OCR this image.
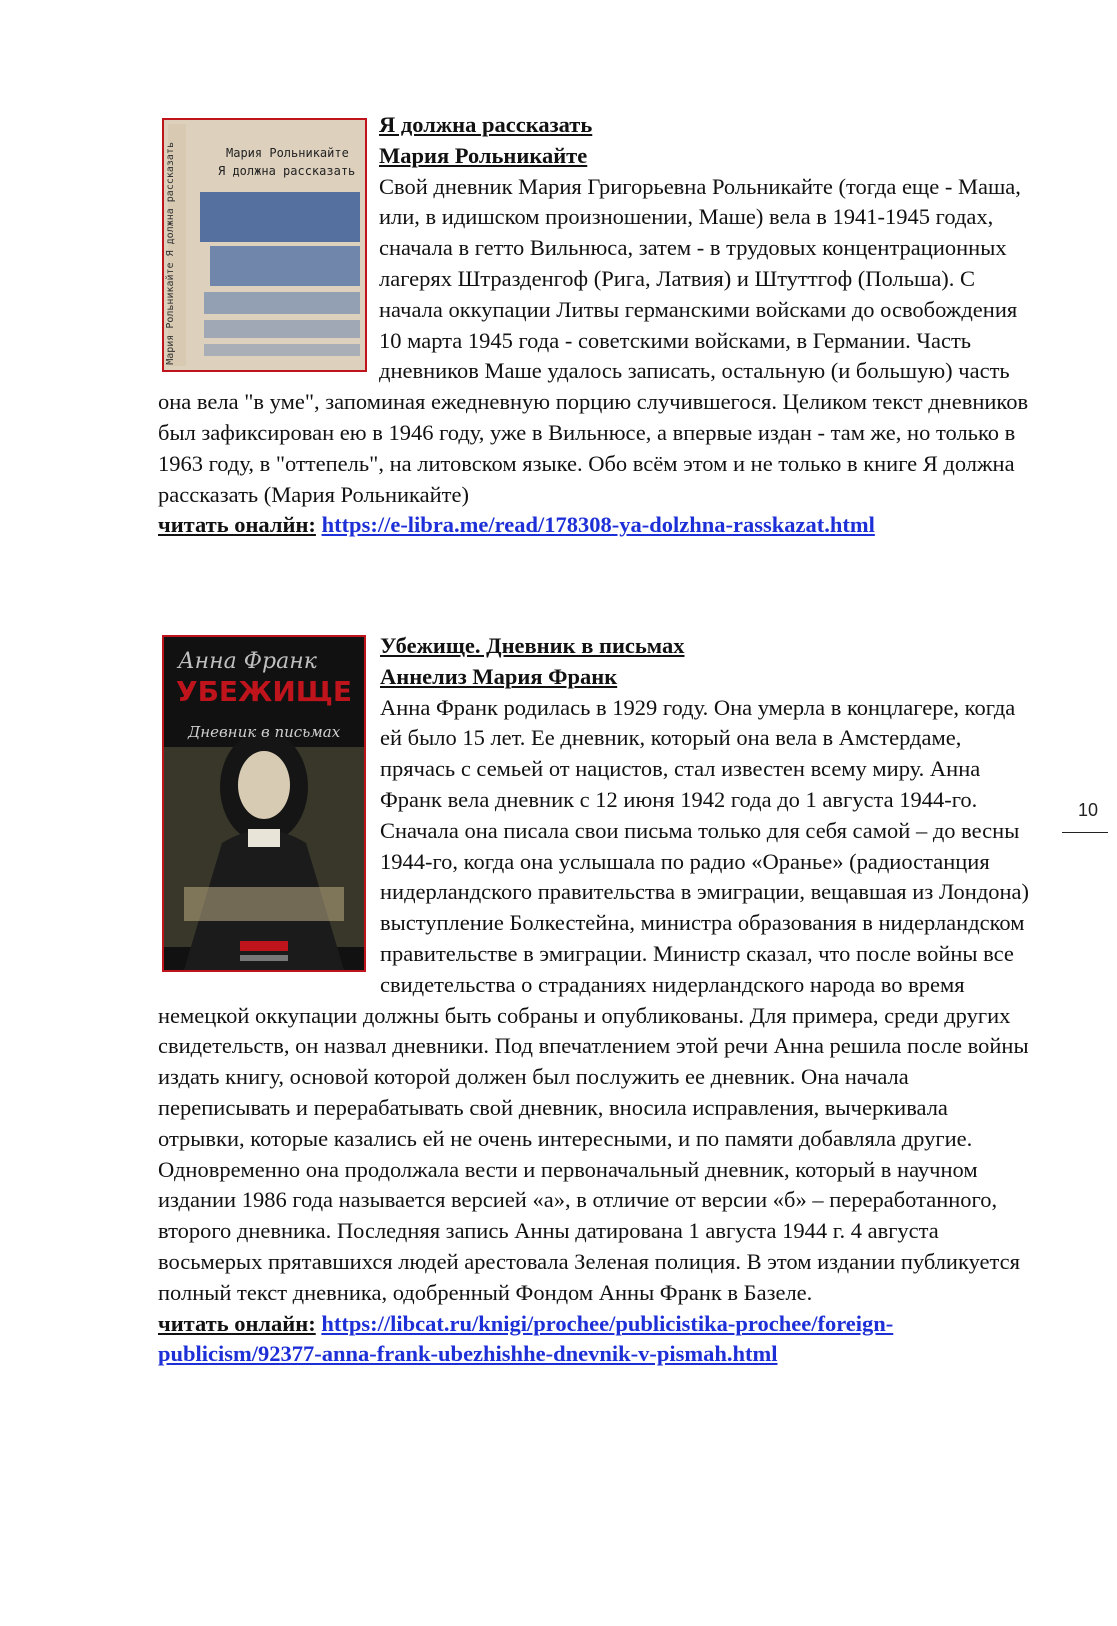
Мария Рольникайте
Я должна рассказать
Мария Рольникайте Я должна рассказать

Я должна рассказать
Мария Рольникайте
Свой дневник Мария Григорьевна Рольникайте (тогда еще - Маша, или, в идишском произношении, Маше) вела в 1941-1945 годах, сначала в гетто Вильнюса, затем - в трудовых концентрационных лагерях Штразденгоф (Рига, Латвия) и Штуттгоф (Польша). С начала оккупации Литвы германскими войсками до освобождения 10 марта 1945 года - советскими войсками, в Германии. Часть дневников Маше удалось записать, остальную (и большую) часть она вела "в уме", запоминая ежедневную порцию случившегося. Целиком текст дневников был зафиксирован ею в 1946 году, уже в Вильнюсе, а впервые издан - там же, но только в 1963 году, в "оттепель", на литовском языке. Обо всём этом и не только в книге Я должна рассказать (Мария Рольникайте)
читать оналйн: https://e-libra.me/read/178308-ya-dolzhna-rasskazat.html

Анна Франк
УБЕЖИЩЕ
Дневник в письмах

Убежище. Дневник в письмах
Аннелиз Мария Франк
Анна Франк родилась в 1929 году. Она умерла в концлагере, когда ей было 15 лет. Ее дневник, который она вела в Амстердаме, прячась с семьей от нацистов, стал известен всему миру. Анна Франк вела дневник с 12 июня 1942 года до 1 августа 1944-го. Сначала она писала свои письма только для себя самой – до весны 1944-го, когда она услышала по радио «Оранье» (радиостанция нидерландского правительства в эмиграции, вещавшая из Лондона) выступление Болкестейна, министра образования в нидерландском правительстве в эмиграции. Министр сказал, что после войны все свидетельства о страданиях нидерландского народа во время немецкой оккупации должны быть собраны и опубликованы. Для примера, среди других свидетельств, он назвал дневники. Под впечатлением этой речи Анна решила после войны издать книгу, основой которой должен был послужить ее дневник. Она начала переписывать и перерабатывать свой дневник, вносила исправления, вычеркивала отрывки, которые казались ей не очень интересными, и по памяти добавляла другие. Одновременно она продолжала вести и первоначальный дневник, который в научном издании 1986 года называется версией «а», в отличие от версии «б» – переработанного, второго дневника. Последняя запись Анны датирована 1 августа 1944 г. 4 августа восьмерых прятавшихся людей арестовала Зеленая полиция. В этом издании публикуется полный текст дневника, одобренный Фондом Анны Франк в Базеле.
читать онлайн: https://libcat.ru/knigi/prochee/publicistika-prochee/foreign-publicism/92377-anna-frank-ubezhishhe-dnevnik-v-pismah.html

10
